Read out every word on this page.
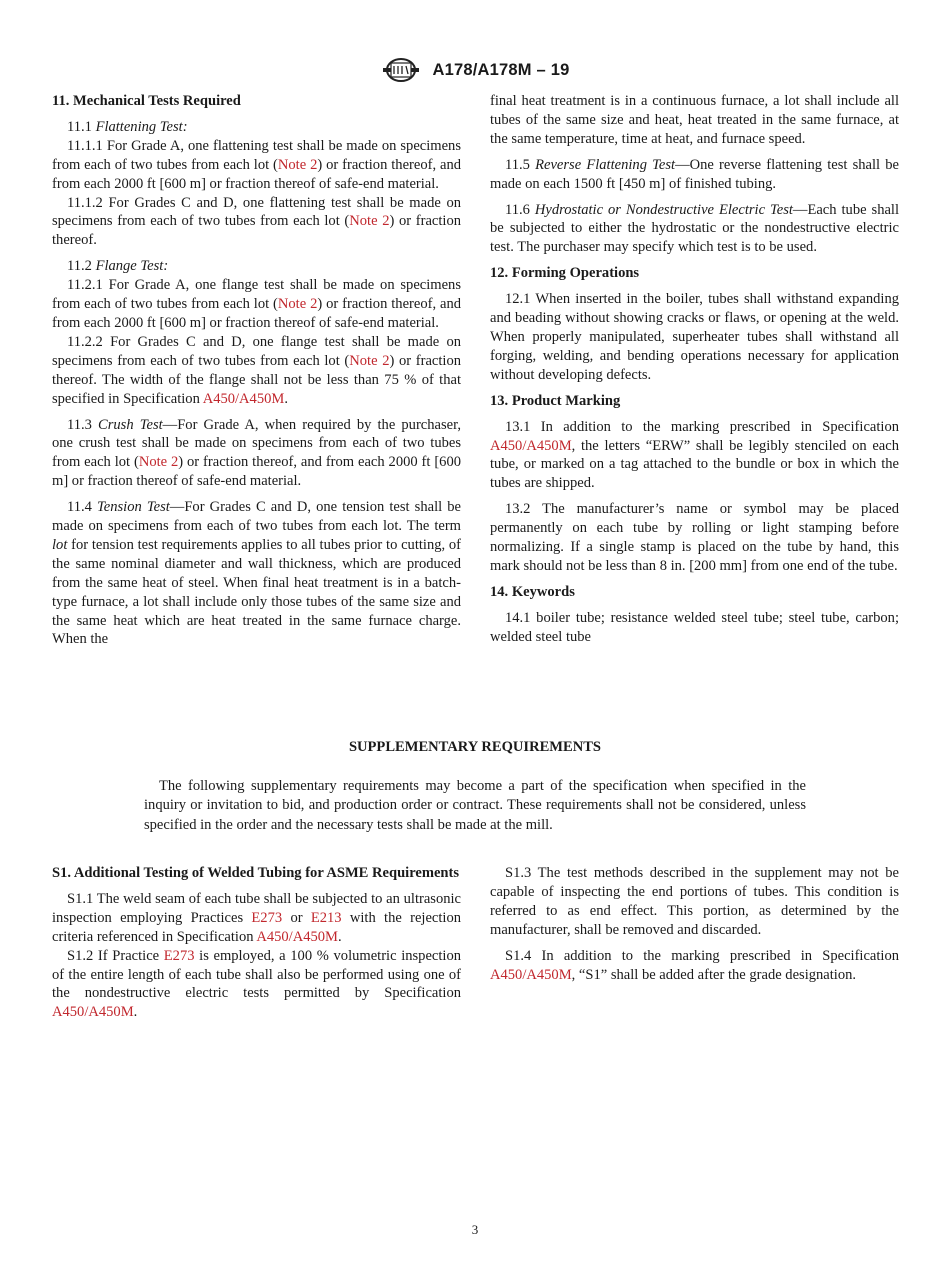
A178/A178M – 19
11. Mechanical Tests Required

11.1 Flattening Test:

11.1.1 For Grade A, one flattening test shall be made on specimens from each of two tubes from each lot (Note 2) or fraction thereof, and from each 2000 ft [600 m] or fraction thereof of safe-end material.

11.1.2 For Grades C and D, one flattening test shall be made on specimens from each of two tubes from each lot (Note 2) or fraction thereof.

11.2 Flange Test:

11.2.1 For Grade A, one flange test shall be made on specimens from each of two tubes from each lot (Note 2) or fraction thereof, and from each 2000 ft [600 m] or fraction thereof of safe-end material.

11.2.2 For Grades C and D, one flange test shall be made on specimens from each of two tubes from each lot (Note 2) or fraction thereof. The width of the flange shall not be less than 75 % of that specified in Specification A450/A450M.

11.3 Crush Test—For Grade A, when required by the purchaser, one crush test shall be made on specimens from each of two tubes from each lot (Note 2) or fraction thereof, and from each 2000 ft [600 m] or fraction thereof of safe-end material.

11.4 Tension Test—For Grades C and D, one tension test shall be made on specimens from each of two tubes from each lot. The term lot for tension test requirements applies to all tubes prior to cutting, of the same nominal diameter and wall thickness, which are produced from the same heat of steel. When final heat treatment is in a batch-type furnace, a lot shall include only those tubes of the same size and the same heat which are heat treated in the same furnace charge. When the

final heat treatment is in a continuous furnace, a lot shall include all tubes of the same size and heat, heat treated in the same furnace, at the same temperature, time at heat, and furnace speed.

11.5 Reverse Flattening Test—One reverse flattening test shall be made on each 1500 ft [450 m] of finished tubing.

11.6 Hydrostatic or Nondestructive Electric Test—Each tube shall be subjected to either the hydrostatic or the nondestructive electric test. The purchaser may specify which test is to be used.

12. Forming Operations

12.1 When inserted in the boiler, tubes shall withstand expanding and beading without showing cracks or flaws, or opening at the weld. When properly manipulated, superheater tubes shall withstand all forging, welding, and bending operations necessary for application without developing defects.

13. Product Marking

13.1 In addition to the marking prescribed in Specification A450/A450M, the letters “ERW” shall be legibly stenciled on each tube, or marked on a tag attached to the bundle or box in which the tubes are shipped.

13.2 The manufacturer’s name or symbol may be placed permanently on each tube by rolling or light stamping before normalizing. If a single stamp is placed on the tube by hand, this mark should not be less than 8 in. [200 mm] from one end of the tube.

14. Keywords

14.1 boiler tube; resistance welded steel tube; steel tube, carbon; welded steel tube

SUPPLEMENTARY REQUIREMENTS

The following supplementary requirements may become a part of the specification when specified in the inquiry or invitation to bid, and production order or contract. These requirements shall not be considered, unless specified in the order and the necessary tests shall be made at the mill.

S1. Additional Testing of Welded Tubing for ASME Requirements

S1.1 The weld seam of each tube shall be subjected to an ultrasonic inspection employing Practices E273 or E213 with the rejection criteria referenced in Specification A450/A450M.

S1.2 If Practice E273 is employed, a 100 % volumetric inspection of the entire length of each tube shall also be performed using one of the nondestructive electric tests permitted by Specification A450/A450M.

S1.3 The test methods described in the supplement may not be capable of inspecting the end portions of tubes. This condition is referred to as end effect. This portion, as determined by the manufacturer, shall be removed and discarded.

S1.4 In addition to the marking prescribed in Specification A450/A450M, “S1” shall be added after the grade designation.

3
